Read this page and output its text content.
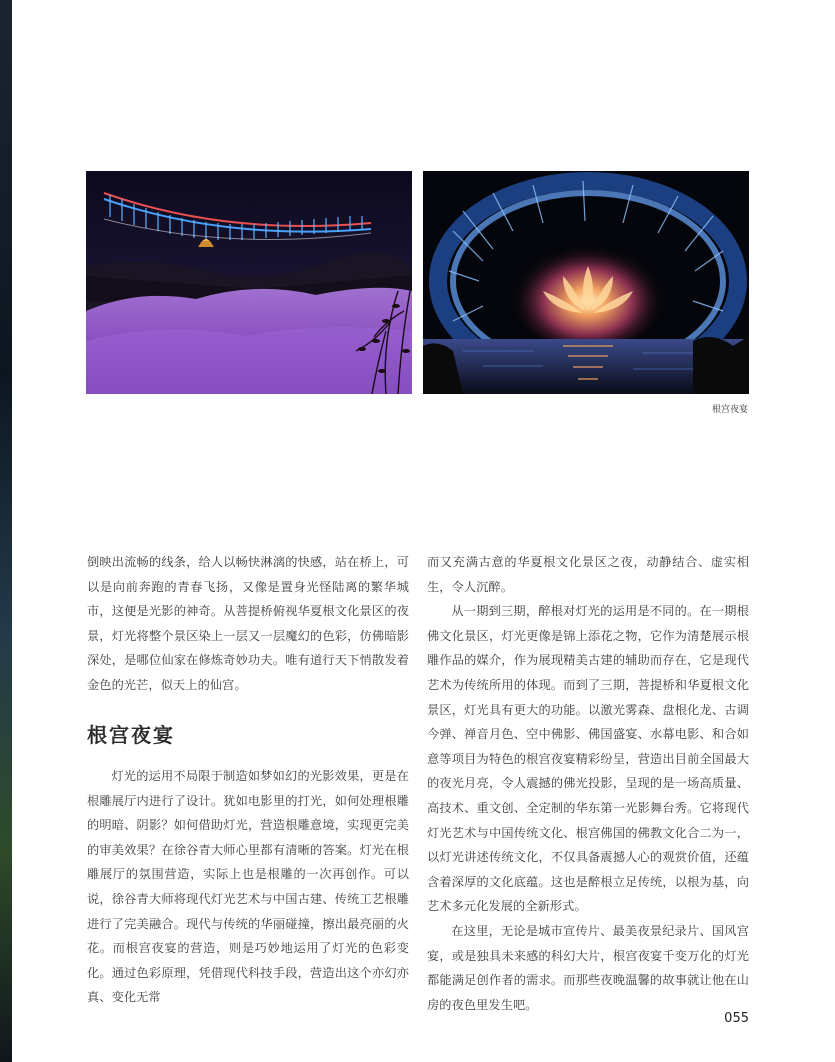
根宫夜宴

倒映出流畅的线条，给人以畅快淋漓的快感，站在桥上，可以是向前奔跑的青春飞扬，又像是置身光怪陆离的繁华城市，这便是光影的神奇。从菩提桥俯视华夏根文化景区的夜景，灯光将整个景区染上一层又一层魔幻的色彩，仿佛暗影深处，是哪位仙家在修炼奇妙功夫。唯有道行天下悄散发着金色的光芒，似天上的仙宫。

根宫夜宴

灯光的运用不局限于制造如梦如幻的光影效果，更是在根雕展厅内进行了设计。犹如电影里的打光，如何处理根雕的明暗、阴影？如何借助灯光，营造根雕意境，实现更完美的审美效果？在徐谷青大师心里都有清晰的答案。灯光在根雕展厅的氛围营造，实际上也是根雕的一次再创作。可以说，徐谷青大师将现代灯光艺术与中国古建、传统工艺根雕进行了完美融合。现代与传统的华丽碰撞，擦出最亮丽的火花。而根宫夜宴的营造，则是巧妙地运用了灯光的色彩变化。通过色彩原理，凭借现代科技手段，营造出这个亦幻亦真、变化无常

而又充满古意的华夏根文化景区之夜，动静结合、虚实相生，令人沉醉。

从一期到三期，醉根对灯光的运用是不同的。在一期根佛文化景区，灯光更像是锦上添花之物，它作为清楚展示根雕作品的媒介，作为展现精美古建的辅助而存在，它是现代艺术为传统所用的体现。而到了三期，菩提桥和华夏根文化景区，灯光具有更大的功能。以激光雾森、盘根化龙、古调今弹、禅音月色、空中佛影、佛国盛宴、水幕电影、和合如意等项目为特色的根宫夜宴精彩纷呈，营造出目前全国最大的夜光月亮，令人震撼的佛光投影，呈现的是一场高质量、高技术、重文创、全定制的华东第一光影舞台秀。它将现代灯光艺术与中国传统文化、根宫佛国的佛教文化合二为一，以灯光讲述传统文化，不仅具备震撼人心的观赏价值，还蕴含着深厚的文化底蕴。这也是醉根立足传统，以根为基，向艺术多元化发展的全新形式。

在这里，无论是城市宣传片、最美夜景纪录片、国风宫宴，或是独具未来感的科幻大片，根宫夜宴千变万化的灯光都能满足创作者的需求。而那些夜晚温馨的故事就让他在山房的夜色里发生吧。

055
